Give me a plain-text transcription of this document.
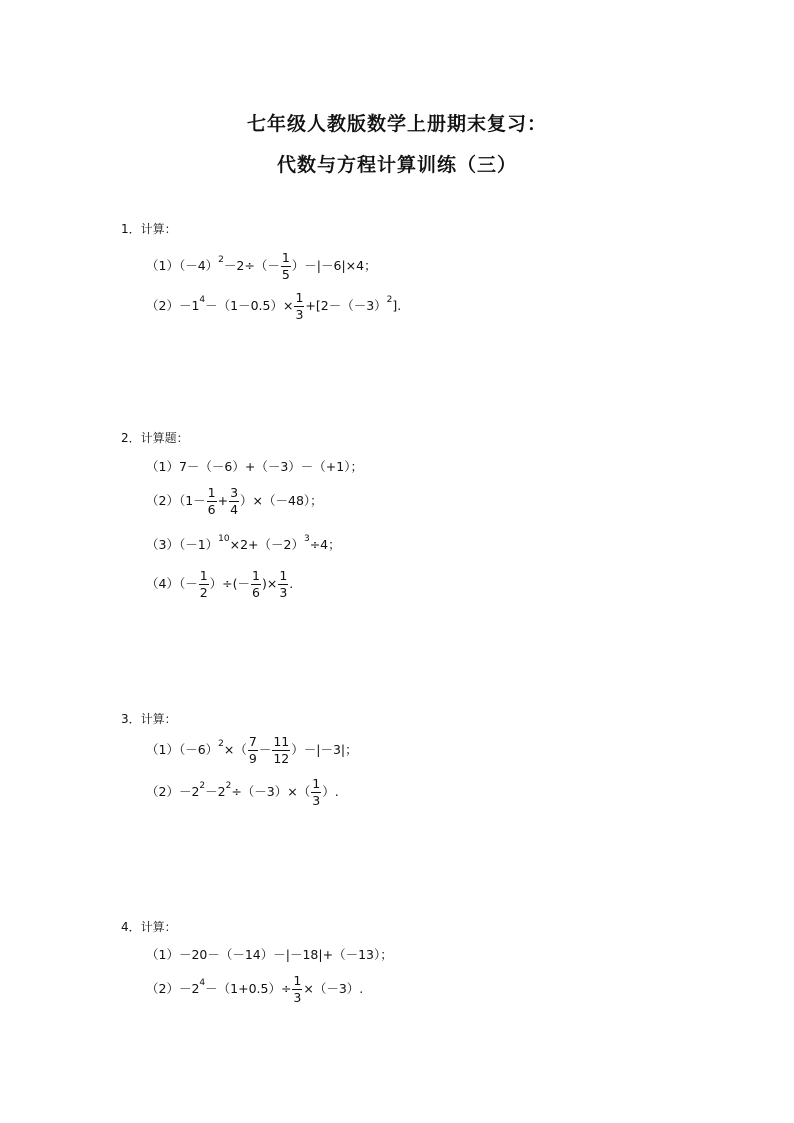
七年级人教版数学上册期末复习：
代数与方程计算训练（三）
1．计算：
$(1)(-4)^2 -2\div(- \frac{1}{5} )-|-6|\times 4$；
$(2)-1^4 -(1-0.5)\times \frac{1}{3} +[2-(-3)^2$ ].
2．计算题：
（1）7－（－6）+（－3）－（+1）；
$(2)(1- \frac{1}{6} + \frac{3}{4} )\times(-48)$；
$(3)(-1)^{10} \times 2+(-2)^3 \div 4$；
$(4)(- \frac{1}{2}$ ）÷(－ $\frac{1}{6}$ )× $\frac{1}{3}$ .
3．计算：
$(1)(-6)^2$ ×（ $\frac{7}{9} - \frac{11}{12} )-|-3|$；
$(2)-2^2 -2^2 \div(-3)\times( \frac{1}{3}$ ）.
4．计算：
（1）－20－（－14）－|－18|+（－13）；
$(2)-2^4 -(1+0.5)\div \frac{1}{3} \times(-3)$.
